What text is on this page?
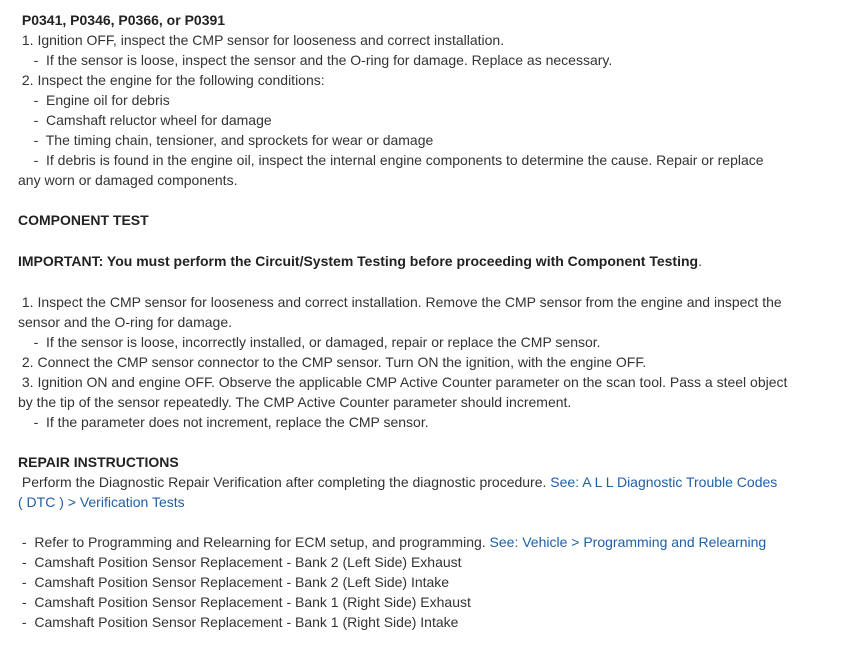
P0341, P0346, P0366, or P0391
1. Ignition OFF, inspect the CMP sensor for looseness and correct installation.
-  If the sensor is loose, inspect the sensor and the O-ring for damage. Replace as necessary.
2. Inspect the engine for the following conditions:
-  Engine oil for debris
-  Camshaft reluctor wheel for damage
-  The timing chain, tensioner, and sprockets for wear or damage
-  If debris is found in the engine oil, inspect the internal engine components to determine the cause. Repair or replace
any worn or damaged components.
COMPONENT TEST
IMPORTANT: You must perform the Circuit/System Testing before proceeding with Component Testing.
1. Inspect the CMP sensor for looseness and correct installation. Remove the CMP sensor from the engine and inspect the
sensor and the O-ring for damage.
-  If the sensor is loose, incorrectly installed, or damaged, repair or replace the CMP sensor.
2. Connect the CMP sensor connector to the CMP sensor. Turn ON the ignition, with the engine OFF.
3. Ignition ON and engine OFF. Observe the applicable CMP Active Counter parameter on the scan tool. Pass a steel object
by the tip of the sensor repeatedly. The CMP Active Counter parameter should increment.
-  If the parameter does not increment, replace the CMP sensor.
REPAIR INSTRUCTIONS
Perform the Diagnostic Repair Verification after completing the diagnostic procedure. See: A L L Diagnostic Trouble Codes
( DTC ) > Verification Tests
-  Refer to Programming and Relearning for ECM setup, and programming. See: Vehicle > Programming and Relearning
-  Camshaft Position Sensor Replacement - Bank 2 (Left Side) Exhaust
-  Camshaft Position Sensor Replacement - Bank 2 (Left Side) Intake
-  Camshaft Position Sensor Replacement - Bank 1 (Right Side) Exhaust
-  Camshaft Position Sensor Replacement - Bank 1 (Right Side) Intake
